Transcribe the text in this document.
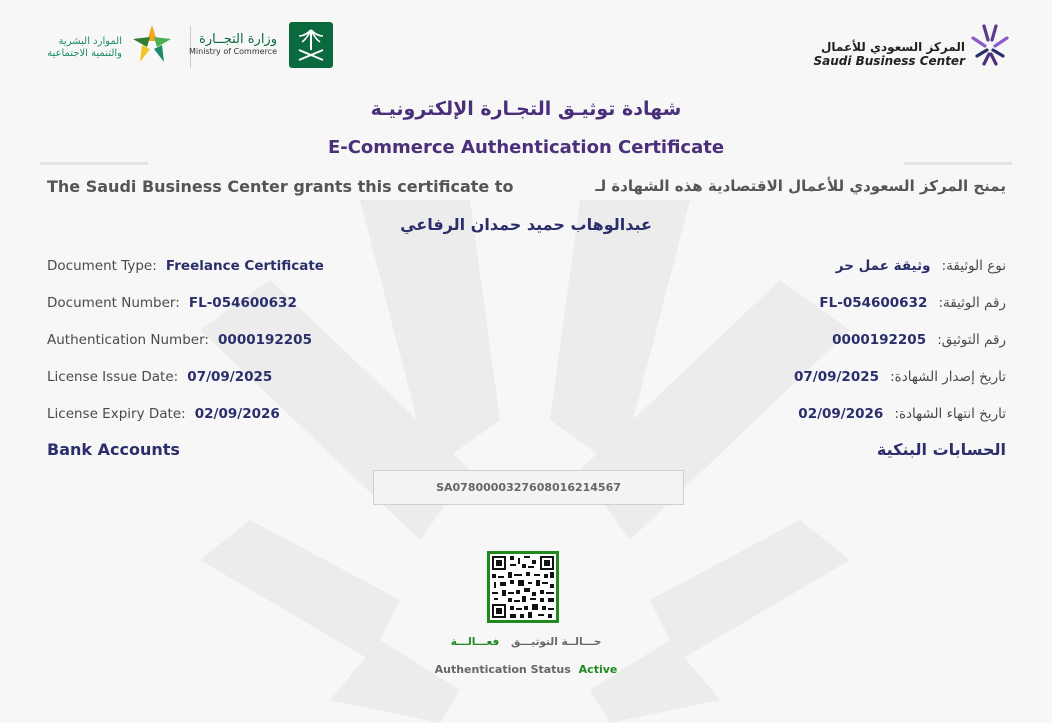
الموارد البشرية
والتنمية الاجتماعية
وزارة التجــارة
Ministry of Commerce	المركز السعودي للأعمال
Saudi Business Center
شهادة توثيـق التجـارة الإلكترونيـة
E-Commerce Authentication Certificate
The Saudi Business Center grants this certificate to	يمنح المركز السعودي للأعمال الاقتصادية هذه الشهادة لـ
عبدالوهاب حميد حمدان الرفاعي
Document Type: Freelance Certificate
Document Number: FL-054600632
Authentication Number: 0000192205
License Issue Date: 07/09/2025
License Expiry Date: 02/09/2026
نوع الوثيقة: وثيقة عمل حر
رقم الوثيقة: FL-054600632
رقم التوثيق: 0000192205
تاريخ إصدار الشهادة: 07/09/2025
تاريخ انتهاء الشهادة: 02/09/2026
Bank Accounts	الحسابات البنكية
SA0780000327608016214567
حـــالــة التوثيـــق فعـــالـــة
Authentication Status Active
